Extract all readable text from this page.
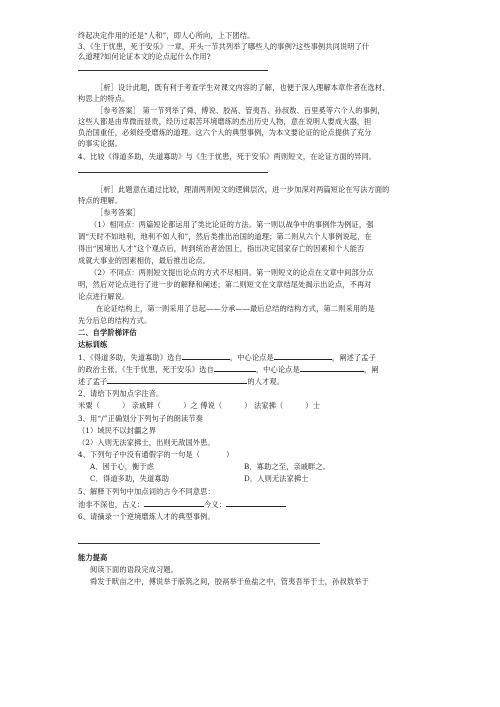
终起决定作用的还是“人和”，即人心所向，上下团结。
3、《生于忧患，死于安乐》一章，开头一节共列举了哪些人的事例?这些事例共同说明了什
么道理?如何论证本文的论点起什么作用?
［析］设计此题，既有利于考查学生对课文内容的了解，也便于深入理解本章作者在选材、
构思上的特点。
［参考答案］ 第一节列举了舜、傅说、胶鬲、管夷吾、孙叔敖、百里奚等六个人的事例，
这些人都是由卑微而显贵，经历过艰苦环境磨练的杰出历史人物，意在说明人要成大器，担
负治国重任，必须经受磨炼的道理。这六个人的典型事例，为本文要论证的论点提供了充分
的事实论据。
4、比较《得道多助，失道寡助》与《生于忧患，死于安乐》两则短文，在论证方面的异同。
［析］此题意在通过比较，理清两则短文的逻辑层次，进一步加深对两篇短论在写法方面的
特点的理解。
［参考答案］
（1）相同点：两篇短论都运用了类比论证的方法。第一则以战争中的事例作为例证，强
调“天时不如地利，地利不如人和”，然后类推出治国的道理；第二则从六个人事例说起，在
得出“困境出人才”这个观点后，转到统治者治国上，指出决定国家存亡的因素和个人能否
成就大事业的因素相仿，最后推出论点。
（2）不同点：两则短文提出论点的方式不尽相同。第一则短文的论点在文章中间部分点
明，然后对论点进行了进一步的解释和阐述；第二则短文在文章结尾处揭示出论点，不再对
论点进行解说。
在论证结构上，第一则采用了总起——分承——最后总结的结构方式，第二则采用的是
先分后总的结构方式。
二、自学阶梯评估
达标训练
1、《得道多助，失道寡助》选自	，中心论点是	，阐述了孟子
的政治主张。《生于忧患，死于安乐》选自	，中心论点是	，阐
述了孟子	的人才观。
2、请给下列加点字注音。
米粟（	） 亲戚畔（	）之 傅说（	） 法家拂（	）士
3、用“/”正确划分下列句子的朗读节奏
（1）域民不以封疆之界
（2）入则无法家拂士，出则无敌国外患。
4、下列句子中没有通假字的一句是（	）
A．困于心，衡于虑	B．寡助之至，亲戚畔之。
C．得道多助，失道寡助	D．入则无法家拂士
5、解释下列句中加点词的古今不同意思：
池非不深也，古义：	今义：
6、请摘录一个逆境磨炼人才的典型事例。
能力提高
阅读下面的语段完成习题。
舜发于畎亩之中，傅说举于版筑之间，胶鬲举于鱼盐之中，管夷吾举于士，孙叔敖举于
